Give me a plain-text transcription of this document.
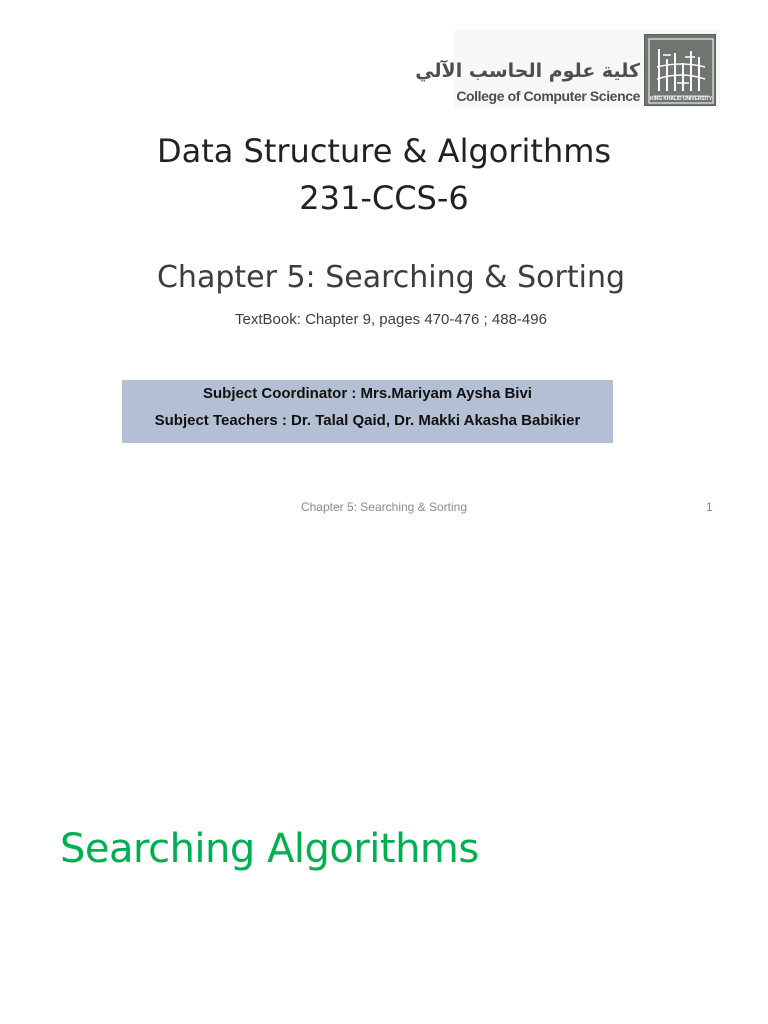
كلية علوم الحاسب الآلي
College of Computer Science	KING KHALID UNIVERSITY
Data Structure & Algorithms
231-CCS-6
Chapter 5: Searching & Sorting
TextBook: Chapter 9, pages 470-476 ; 488-496
Subject Coordinator : Mrs.Mariyam Aysha Bivi
Subject Teachers : Dr. Talal Qaid, Dr. Makki Akasha Babikier
Chapter 5: Searching & Sorting	1
Searching Algorithms
